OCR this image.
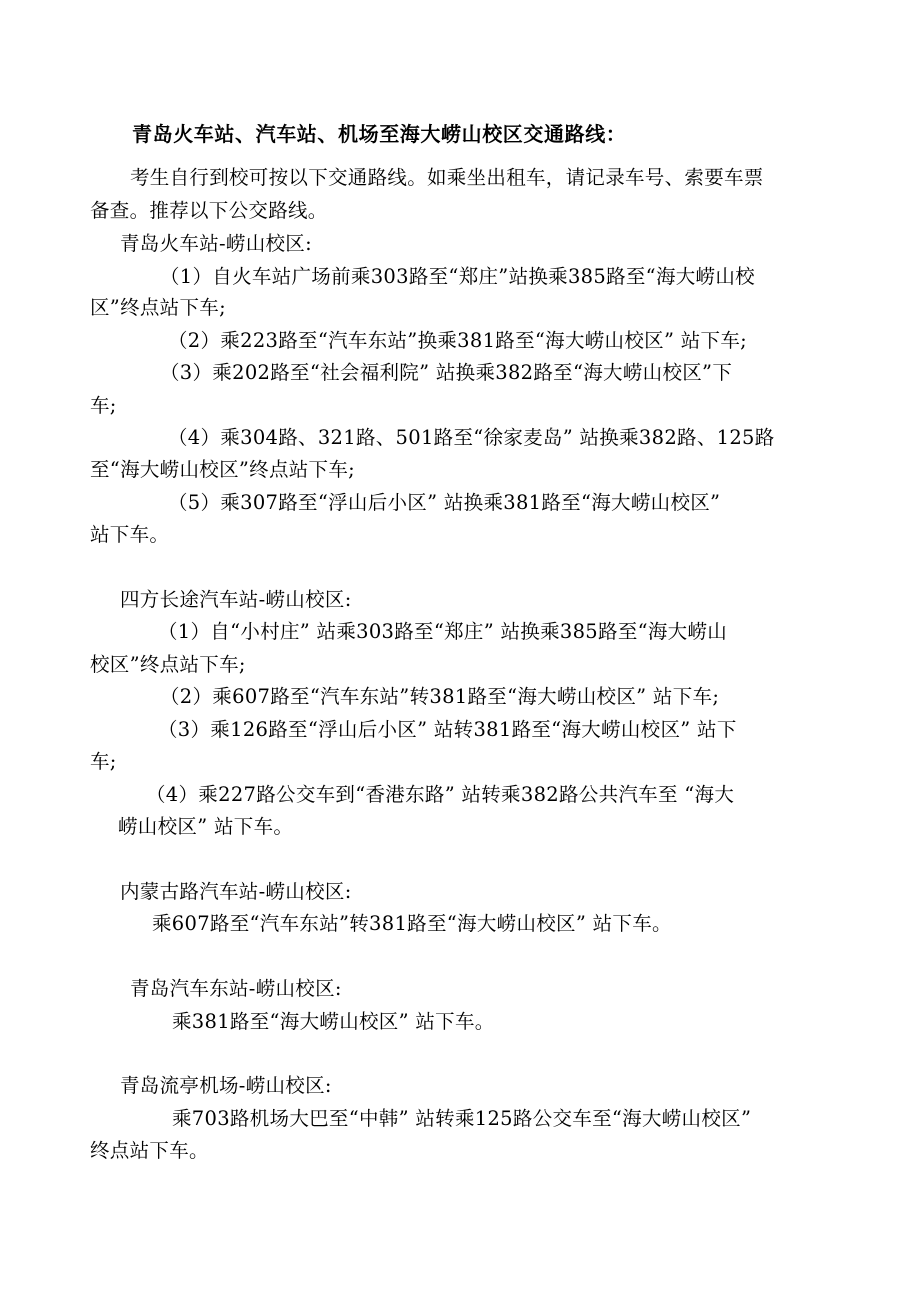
青岛火车站、汽车站、机场至海大崂山校区交通路线：
考生自行到校可按以下交通路线。如乘坐出租车，请记录车号、索要车票
备查。推荐以下公交路线。
青岛火车站-崂山校区:
（1）自火车站广场前乘303路至“郑庄”站换乘385路至“海大崂山校
区”终点站下车;
（2）乘223路至“汽车东站”换乘381路至“海大崂山校区” 站下车;
（3）乘202路至“社会福利院” 站换乘382路至“海大崂山校区”下
车;
（4）乘304路、321路、501路至“徐家麦岛” 站换乘382路、125路
至“海大崂山校区”终点站下车;
（5）乘307路至“浮山后小区” 站换乘381路至“海大崂山校区”
站下车。
四方长途汽车站-崂山校区:
（1）自“小村庄” 站乘303路至“郑庄” 站换乘385路至“海大崂山
校区”终点站下车;
（2）乘607路至“汽车东站”转381路至“海大崂山校区” 站下车;
（3）乘126路至“浮山后小区” 站转381路至“海大崂山校区” 站下
车;
（4）乘227路公交车到“香港东路” 站转乘382路公共汽车至 “海大
崂山校区” 站下车。
内蒙古路汽车站-崂山校区:
乘607路至“汽车东站”转381路至“海大崂山校区” 站下车。
青岛汽车东站-崂山校区:
乘381路至“海大崂山校区” 站下车。
青岛流亭机场-崂山校区:
乘703路机场大巴至“中韩” 站转乘125路公交车至“海大崂山校区”
终点站下车。
